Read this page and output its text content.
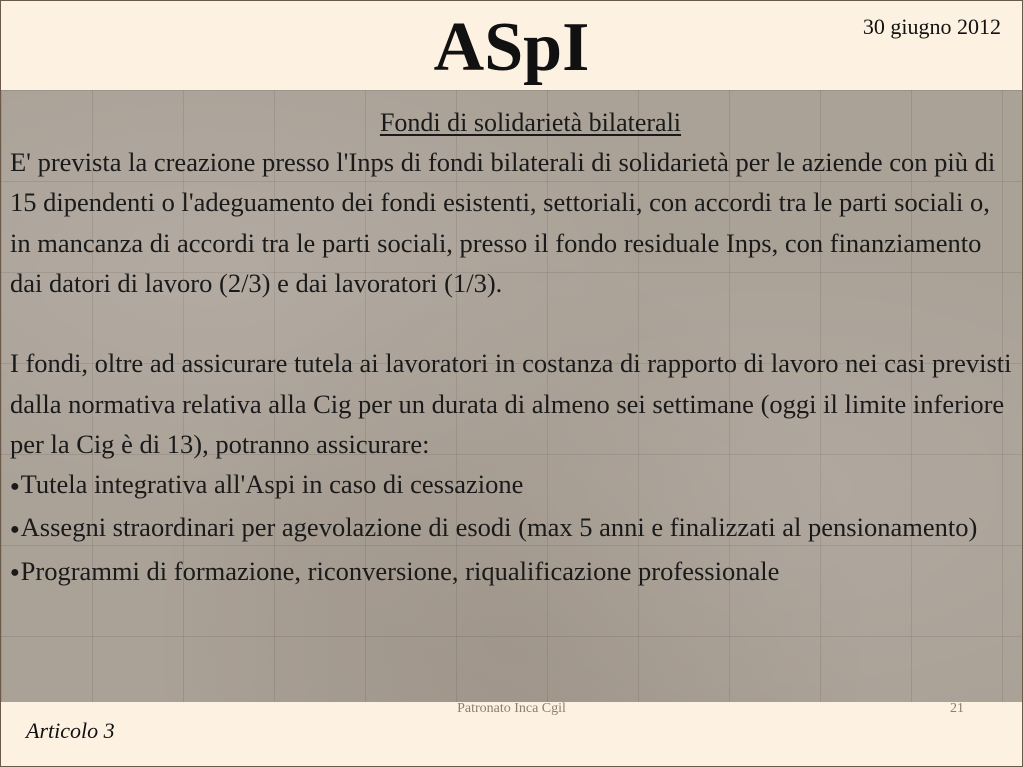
ASpI	30 giugno 2012
Fondi di solidarietà bilaterali

E' prevista la creazione presso l'Inps di fondi bilaterali di solidarietà per le aziende con più di 15 dipendenti o l'adeguamento dei fondi esistenti, settoriali, con accordi tra le parti sociali o, in mancanza di accordi tra le parti sociali, presso il fondo residuale Inps, con finanziamento dai datori di lavoro (2/3) e dai lavoratori (1/3).

I fondi, oltre ad assicurare tutela ai lavoratori in costanza di rapporto di lavoro nei casi previsti dalla normativa relativa alla Cig per un durata di almeno sei settimane (oggi il limite inferiore per la Cig è di 13), potranno assicurare:

●Tutela integrativa all'Aspi in caso di cessazione

●Assegni straordinari per agevolazione di esodi (max 5 anni e finalizzati al pensionamento)

●Programmi di formazione, riconversione, riqualificazione professionale

Patronato Inca Cgil	21
Articolo 3
